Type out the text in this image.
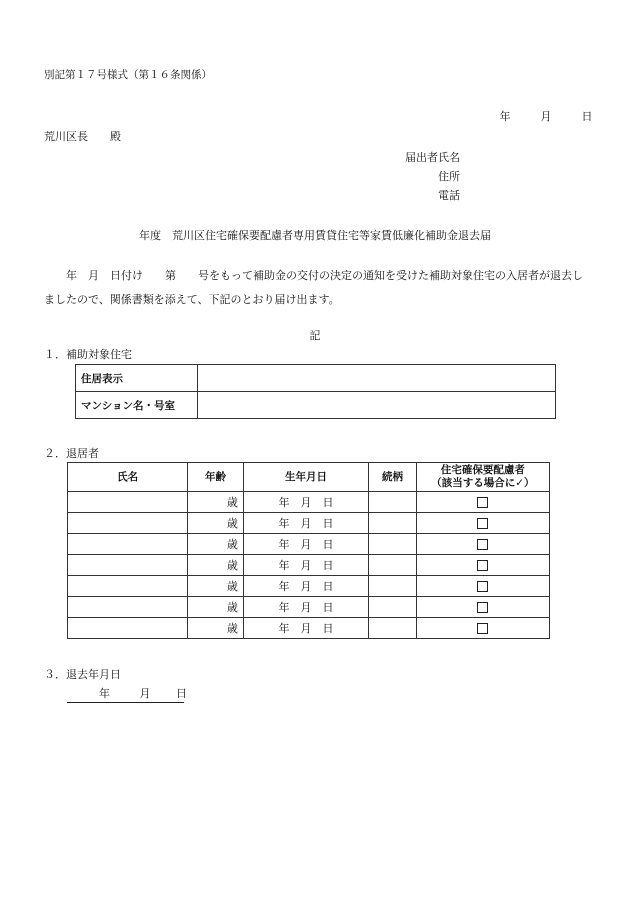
別記第１７号様式（第１６条関係）
年	月	日
荒川区長　　殿
届出者氏名
住所
電話
年度　荒川区住宅確保要配慮者専用賃貸住宅等家賃低廉化補助金退去届
年　月　日付け　　第　　号をもって補助金の交付の決定の通知を受けた補助対象住宅の入居者が退去しましたので、関係書類を添えて、下記のとおり届け出ます。
記
１．補助対象住宅
住居表示	
マンション名・号室	
２．退居者
氏名	年齢	生年月日	続柄	住宅確保要配慮者
（該当する場合に✓）
	歳	年 月 日		
	歳	年 月 日		
	歳	年 月 日		
	歳	年 月 日		
	歳	年 月 日		
	歳	年 月 日		
	歳	年 月 日		
３．退去年月日
年	月 日
